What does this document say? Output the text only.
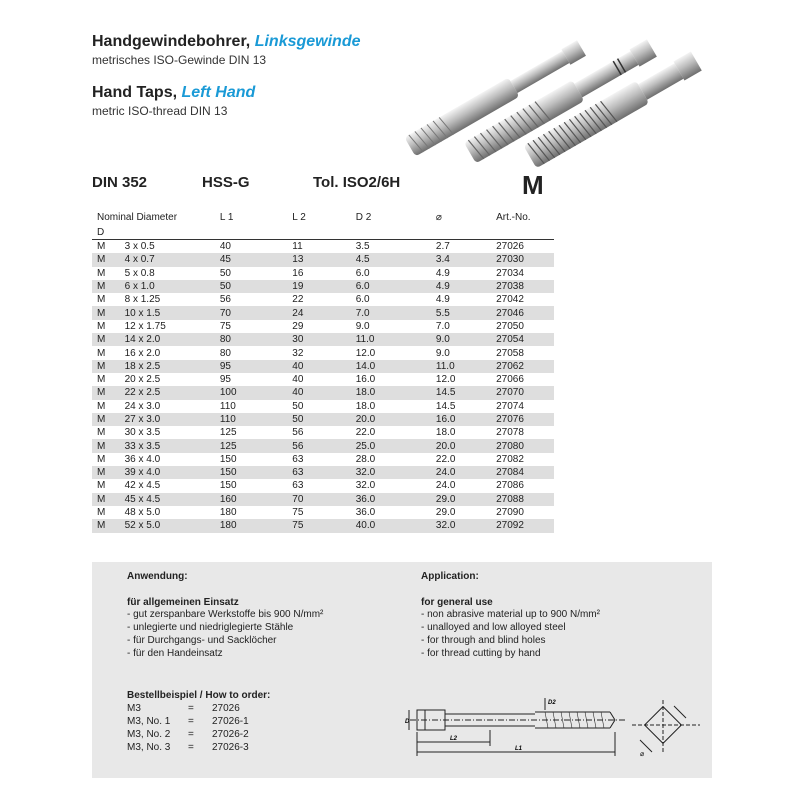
Handgewindebohrer, Linksgewinde
metrisches ISO-Gewinde DIN 13
Hand Taps, Left Hand
metric ISO-thread DIN 13
DIN 352	HSS-G	Tol. ISO2/6H	M
Nominal Diameter		L 1	L 2	D 2	⌀	Art.-No.
D						
M	3 x 0.5	40	11	3.5	2.7	27026
M	4 x 0.7	45	13	4.5	3.4	27030
M	5 x 0.8	50	16	6.0	4.9	27034
M	6 x 1.0	50	19	6.0	4.9	27038
M	8 x 1.25	56	22	6.0	4.9	27042
M	10 x 1.5	70	24	7.0	5.5	27046
M	12 x 1.75	75	29	9.0	7.0	27050
M	14 x 2.0	80	30	11.0	9.0	27054
M	16 x 2.0	80	32	12.0	9.0	27058
M	18 x 2.5	95	40	14.0	11.0	27062
M	20 x 2.5	95	40	16.0	12.0	27066
M	22 x 2.5	100	40	18.0	14.5	27070
M	24 x 3.0	110	50	18.0	14.5	27074
M	27 x 3.0	110	50	20.0	16.0	27076
M	30 x 3.5	125	56	22.0	18.0	27078
M	33 x 3.5	125	56	25.0	20.0	27080
M	36 x 4.0	150	63	28.0	22.0	27082
M	39 x 4.0	150	63	32.0	24.0	27084
M	42 x 4.5	150	63	32.0	24.0	27086
M	45 x 4.5	160	70	36.0	29.0	27088
M	48 x 5.0	180	75	36.0	29.0	27090
M	52 x 5.0	180	75	40.0	32.0	27092
Anwendung:	Application:
für allgemeinen Einsatz
- gut zerspanbare Werkstoffe bis 900 N/mm²
- unlegierte und niedriglegierte Stähle
- für Durchgangs- und Sacklöcher
- für den Handeinsatz
for general use
- non abrasive material up to 900 N/mm²
- unalloyed and low alloyed steel
- for through and blind holes
- for thread cutting by hand
Bestellbeispiel / How to order:
M3	= 27026
M3, No. 1 = 27026-1
M3, No. 2 = 27026-2
M3, No. 3 = 27026-3
D
D2
L2
L1
⌀
